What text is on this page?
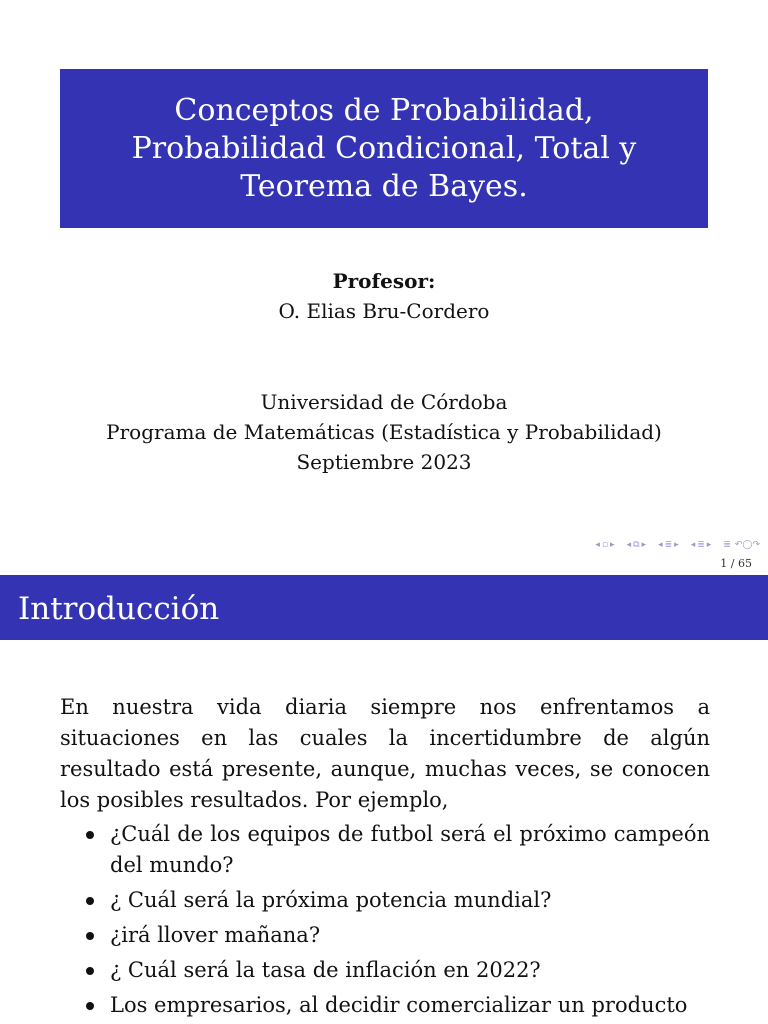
Conceptos de Probabilidad,
Probabilidad Condicional, Total y
Teorema de Bayes.
Profesor:
O. Elias Bru-Cordero
Universidad de Córdoba
Programa de Matemáticas (Estadística y Probabilidad)
Septiembre 2023
◂ ▫ ▸ ◂ ⧉ ▸ ◂ ≣ ▸ ◂ ≣ ▸ ≣ ↶◯↷
1 / 65
Introducción
En nuestra vida diaria siempre nos enfrentamos a situaciones en las cuales la incertidumbre de algún resultado está presente, aunque, muchas veces, se conocen los posibles resultados. Por ejemplo,
¿Cuál de los equipos de futbol será el próximo campeón del mundo?
¿ Cuál será la próxima potencia mundial?
¿irá llover mañana?
¿ Cuál será la tasa de inflación en 2022?
Los empresarios, al decidir comercializar un producto
